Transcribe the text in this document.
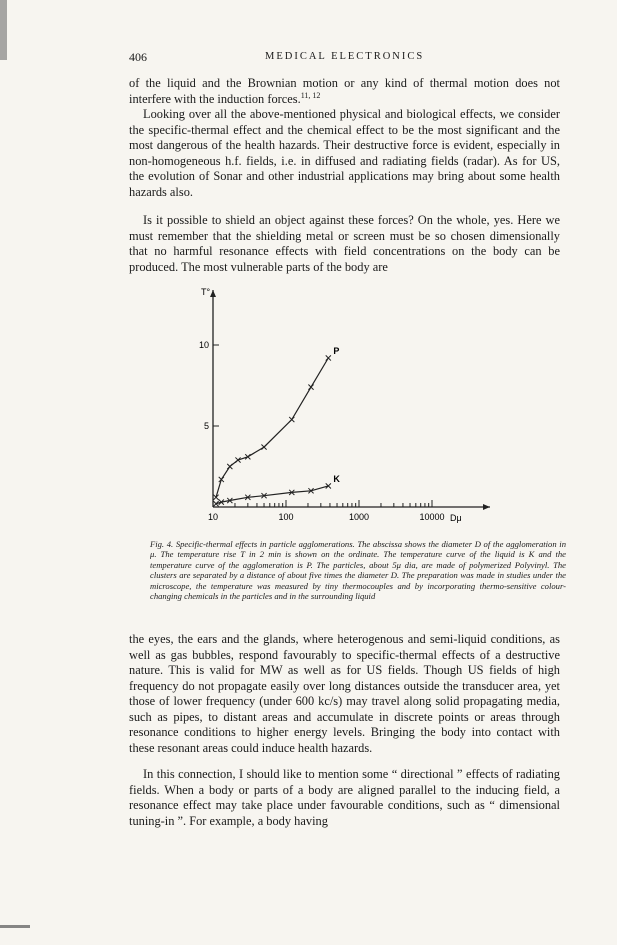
406	MEDICAL ELECTRONICS

of the liquid and the Brownian motion or any kind of thermal motion does not interfere with the induction forces.$^{11, 12}$

Looking over all the above-mentioned physical and biological effects, we consider the specific-thermal effect and the chemical effect to be the most significant and the most dangerous of the health hazards. Their destructive force is evident, especially in non-homogeneous h.f. fields, i.e. in diffused and radiating fields (radar). As for US, the evolution of Sonar and other industrial applications may bring about some health hazards also.

Is it possible to shield an object against these forces? On the whole, yes. Here we must remember that the shielding metal or screen must be so chosen dimensionally that no harmful resonance effects with field concentrations on the body can be produced. The most vulnerable parts of the body are

10	100	1000	10000 Dμ
5
10
T°
P
K

Fig. 4. Specific-thermal effects in particle agglomerations. The abscissa shows the diameter D of the agglomeration in μ. The temperature rise T in 2 min is shown on the ordinate. The temperature curve of the liquid is K and the temperature curve of the agglomeration is P. The particles, about 5μ dia, are made of polymerized Polyvinyl. The clusters are separated by a distance of about five times the diameter D. The preparation was made in studies under the microscope, the temperature was measured by tiny thermocouples and by incorporating thermo-sensitive colour-changing chemicals in the particles and in the surrounding liquid

the eyes, the ears and the glands, where heterogenous and semi-liquid conditions, as well as gas bubbles, respond favourably to specific-thermal effects of a destructive nature. This is valid for MW as well as for US fields. Though US fields of high frequency do not propagate easily over long distances outside the transducer area, yet those of lower frequency (under 600 kc/s) may travel along solid propagating media, such as pipes, to distant areas and accumulate in discrete points or areas through resonance conditions to higher energy levels. Bringing the body into contact with these resonant areas could induce health hazards.

In this connection, I should like to mention some “ directional ” effects of radiating fields. When a body or parts of a body are aligned parallel to the inducing field, a resonance effect may take place under favourable conditions, such as “ dimensional tuning-in ”. For example, a body having
